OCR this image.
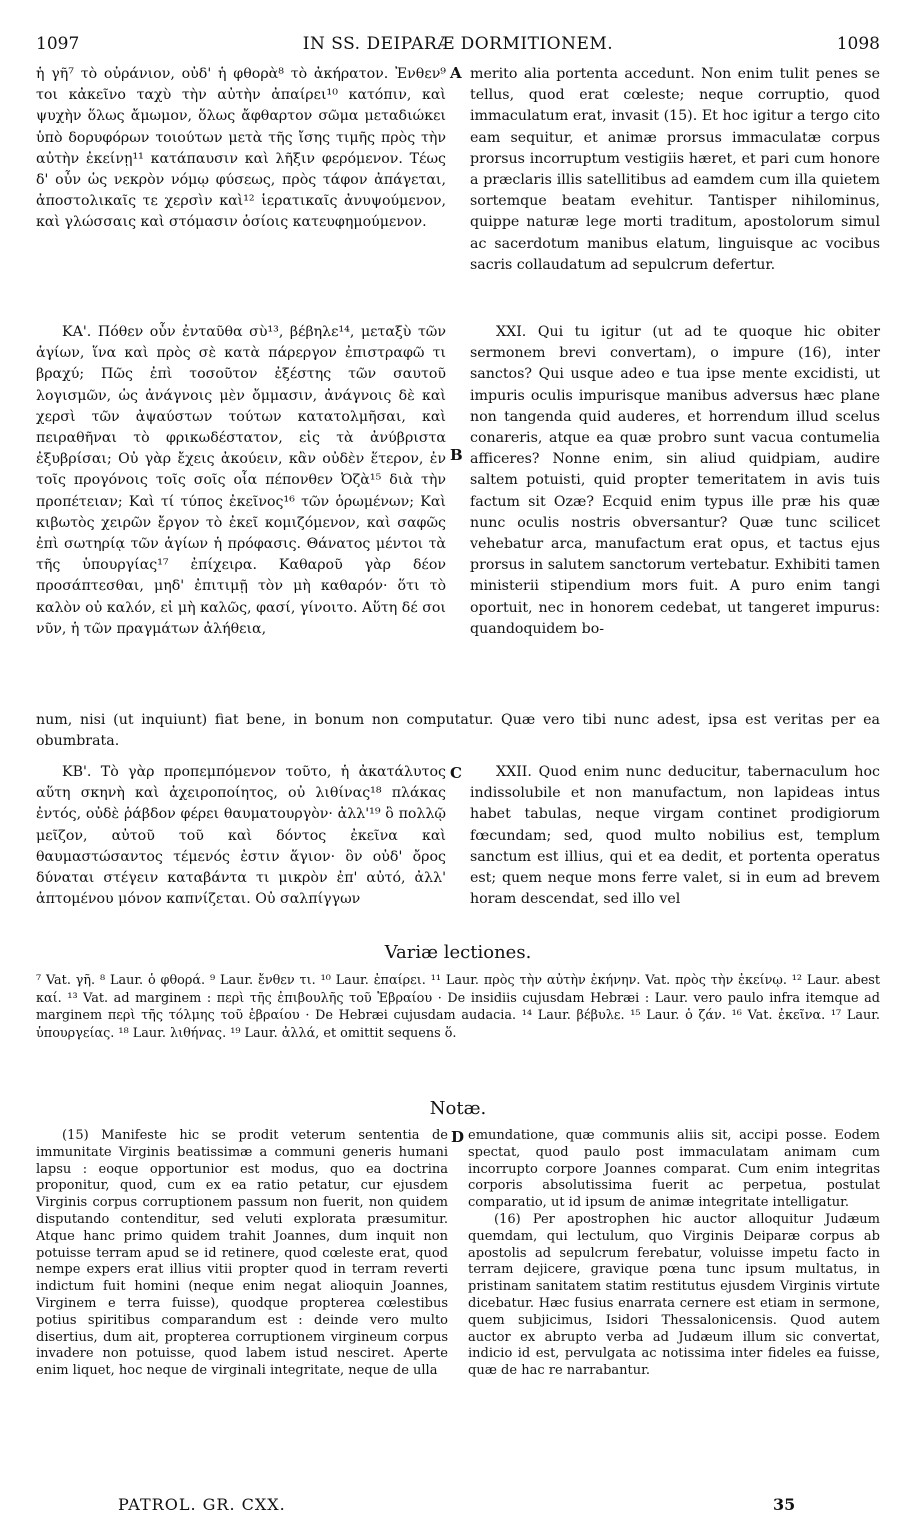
1097	IN SS. DEIPARÆ DORMITIONEM.	1098

ἡ γῆ⁷ τὸ οὐράνιον, οὐδ' ἡ φθορὰ⁸ τὸ ἀκήρατον. Ἐνθεν⁹ τοι κἀκεῖνο ταχὺ τὴν αὐτὴν ἀπαίρει¹⁰ κατόπιν, καὶ ψυχὴν ὅλως ἄμωμον, ὅλως ἄφθαρτον σῶμα μεταδιώκει ὑπὸ δορυφόρων τοιούτων μετὰ τῆς ἴσης τιμῆς πρὸς τὴν αὐτὴν ἐκείνῃ¹¹ κατάπαυσιν καὶ λῆξιν φερόμενον. Τέως δ' οὖν ὡς νεκρὸν νόμῳ φύσεως, πρὸς τάφον ἀπάγεται, ἀποστολικαῖς τε χερσὶν καὶ¹² ἱερατικαῖς ἀνυψούμενον, καὶ γλώσσαις καὶ στόμασιν ὁσίοις κατευφημούμενον.

ΚΑ'. Πόθεν οὖν ἐνταῦθα σὺ¹³, βέβηλε¹⁴, μεταξὺ τῶν ἁγίων, ἵνα καὶ πρὸς σὲ κατὰ πάρεργον ἐπιστραφῶ τι βραχύ; Πῶς ἐπὶ τοσοῦτον ἐξέστης τῶν σαυτοῦ λογισμῶν, ὡς ἀνάγνοις μὲν ὄμμασιν, ἀνάγνοις δὲ καὶ χερσὶ τῶν ἀψαύστων τούτων κατατολμῆσαι, καὶ πειραθῆναι τὸ φρικωδέστατον, εἰς τὰ ἀνύβριστα ἐξυβρίσαι; Οὐ γὰρ ἔχεις ἀκούειν, κἂν οὐδὲν ἕτερον, ἐν τοῖς προγόνοις τοῖς σοῖς οἷα πέπονθεν Ὀζὰ¹⁵ διὰ τὴν προπέτειαν; Καὶ τί τύπος ἐκεῖνος¹⁶ τῶν ὁρωμένων; Καὶ κιβωτὸς χειρῶν ἔργον τὸ ἐκεῖ κομιζόμενον, καὶ σαφῶς ἐπὶ σωτηρίᾳ τῶν ἁγίων ἡ πρόφασις. Θάνατος μέντοι τὰ τῆς ὑπουργίας¹⁷ ἐπίχειρα. Καθαροῦ γὰρ δέον προσάπτεσθαι, μηδ' ἐπιτιμῇ τὸν μὴ καθαρόν· ὅτι τὸ καλὸν οὐ καλόν, εἰ μὴ καλῶς, φασί, γίνοιτο. Αὕτη δέ σοι νῦν, ἡ τῶν πραγμάτων ἀλήθεια,

ΚΒ'. Τὸ γὰρ προπεμπόμενον τοῦτο, ἡ ἀκατάλυτος αὕτη σκηνὴ καὶ ἀχειροποίητος, οὐ λιθίνας¹⁸ πλάκας ἐντός, οὐδὲ ῥάβδον φέρει θαυματουργὸν· ἀλλ'¹⁹ ὃ πολλῷ μεῖζον, αὐτοῦ τοῦ καὶ δόντος ἐκεῖνα καὶ θαυμαστώσαντος τέμενός ἐστιν ἅγιον· ὃν οὐδ' ὄρος δύναται στέγειν καταβάντα τι μικρὸν ἐπ' αὐτό, ἀλλ' ἁπτομένου μόνον καπνίζεται. Οὐ σαλπίγγων

A
B
C
D

merito alia portenta accedunt. Non enim tulit penes se tellus, quod erat cœleste; neque corruptio, quod immaculatum erat, invasit (15). Et hoc igitur a tergo cito eam sequitur, et animæ prorsus immaculatæ corpus prorsus incorruptum vestigiis hæret, et pari cum honore a præclaris illis satellitibus ad eamdem cum illa quietem sortemque beatam evehitur. Tantisper nihilominus, quippe naturæ lege morti traditum, apostolorum simul ac sacerdotum manibus elatum, linguisque ac vocibus sacris collaudatum ad sepulcrum defertur.

XXI. Qui tu igitur (ut ad te quoque hic obiter sermonem brevi convertam), o impure (16), inter sanctos? Qui usque adeo e tua ipse mente excidisti, ut impuris oculis impurisque manibus adversus hæc plane non tangenda quid auderes, et horrendum illud scelus conareris, atque ea quæ probro sunt vacua contumelia afficeres? Nonne enim, sin aliud quidpiam, audire saltem potuisti, quid propter temeritatem in avis tuis factum sit Ozæ? Ecquid enim typus ille præ his quæ nunc oculis nostris obversantur? Quæ tunc scilicet vehebatur arca, manufactum erat opus, et tactus ejus prorsus in salutem sanctorum vertebatur. Exhibiti tamen ministerii stipendium mors fuit. A puro enim tangi oportuit, nec in honorem cedebat, ut tangeret impurus: quandoquidem bo-

XXII. Quod enim nunc deducitur, tabernaculum hoc indissolubile et non manufactum, non lapideas intus habet tabulas, neque virgam continet prodigiorum fœcundam; sed, quod multo nobilius est, templum sanctum est illius, qui et ea dedit, et portenta operatus est; quem neque mons ferre valet, si in eum ad brevem horam descendat, sed illo vel

num, nisi (ut inquiunt) fiat bene, in bonum non computatur. Quæ vero tibi nunc adest, ipsa est veritas per ea obumbrata.
Variæ lectiones.
⁷ Vat. γῆ. ⁸ Laur. ὁ φθορά. ⁹ Laur. ἔνθεν τι. ¹⁰ Laur. ἐπαίρει. ¹¹ Laur. πρὸς τὴν αὐτὴν ἐκήνην. Vat. πρὸς τὴν ἐκείνῳ. ¹² Laur. abest καί. ¹³ Vat. ad marginem : περὶ τῆς ἐπιβουλῆς τοῦ Ἑβραίου · De insidiis cujusdam Hebræi : Laur. vero paulo infra itemque ad marginem περὶ τῆς τόλμης τοῦ ἑβραίου · De Hebræi cujusdam audacia. ¹⁴ Laur. βέβυλε. ¹⁵ Laur. ὁ ζάν. ¹⁶ Vat. ἐκεῖνα. ¹⁷ Laur. ὑπουργείας. ¹⁸ Laur. λιθήνας. ¹⁹ Laur. ἀλλά, et omittit sequens ὅ.
Notæ.

(15) Manifeste hic se prodit veterum sententia de immunitate Virginis beatissimæ a communi generis humani lapsu : eoque opportunior est modus, quo ea doctrina proponitur, quod, cum ex ea ratio petatur, cur ejusdem Virginis corpus corruptionem passum non fuerit, non quidem disputando contenditur, sed veluti explorata præsumitur. Atque hanc primo quidem trahit Joannes, dum inquit non potuisse terram apud se id retinere, quod cœleste erat, quod nempe expers erat illius vitii propter quod in terram reverti indictum fuit homini (neque enim negat alioquin Joannes, Virginem e terra fuisse), quodque propterea cœlestibus potius spiritibus comparandum est : deinde vero multo disertius, dum ait, propterea corruptionem virgineum corpus invadere non potuisse, quod labem istud nesciret. Aperte enim liquet, hoc neque de virginali integritate, neque de ulla

emundatione, quæ communis aliis sit, accipi posse. Eodem spectat, quod paulo post immaculatam animam cum incorrupto corpore Joannes comparat. Cum enim integritas corporis absolutissima fuerit ac perpetua, postulat comparatio, ut id ipsum de animæ integritate intelligatur.

(16) Per apostrophen hic auctor alloquitur Judæum quemdam, qui lectulum, quo Virginis Deiparæ corpus ab apostolis ad sepulcrum ferebatur, voluisse impetu facto in terram dejicere, gravique pœna tunc ipsum multatus, in pristinam sanitatem statim restitutus ejusdem Virginis virtute dicebatur. Hæc fusius enarrata cernere est etiam in sermone, quem subjicimus, Isidori Thessalonicensis. Quod autem auctor ex abrupto verba ad Judæum illum sic convertat, indicio id est, pervulgata ac notissima inter fideles ea fuisse, quæ de hac re narrabantur.

PATROL. GR. CXX.	35
